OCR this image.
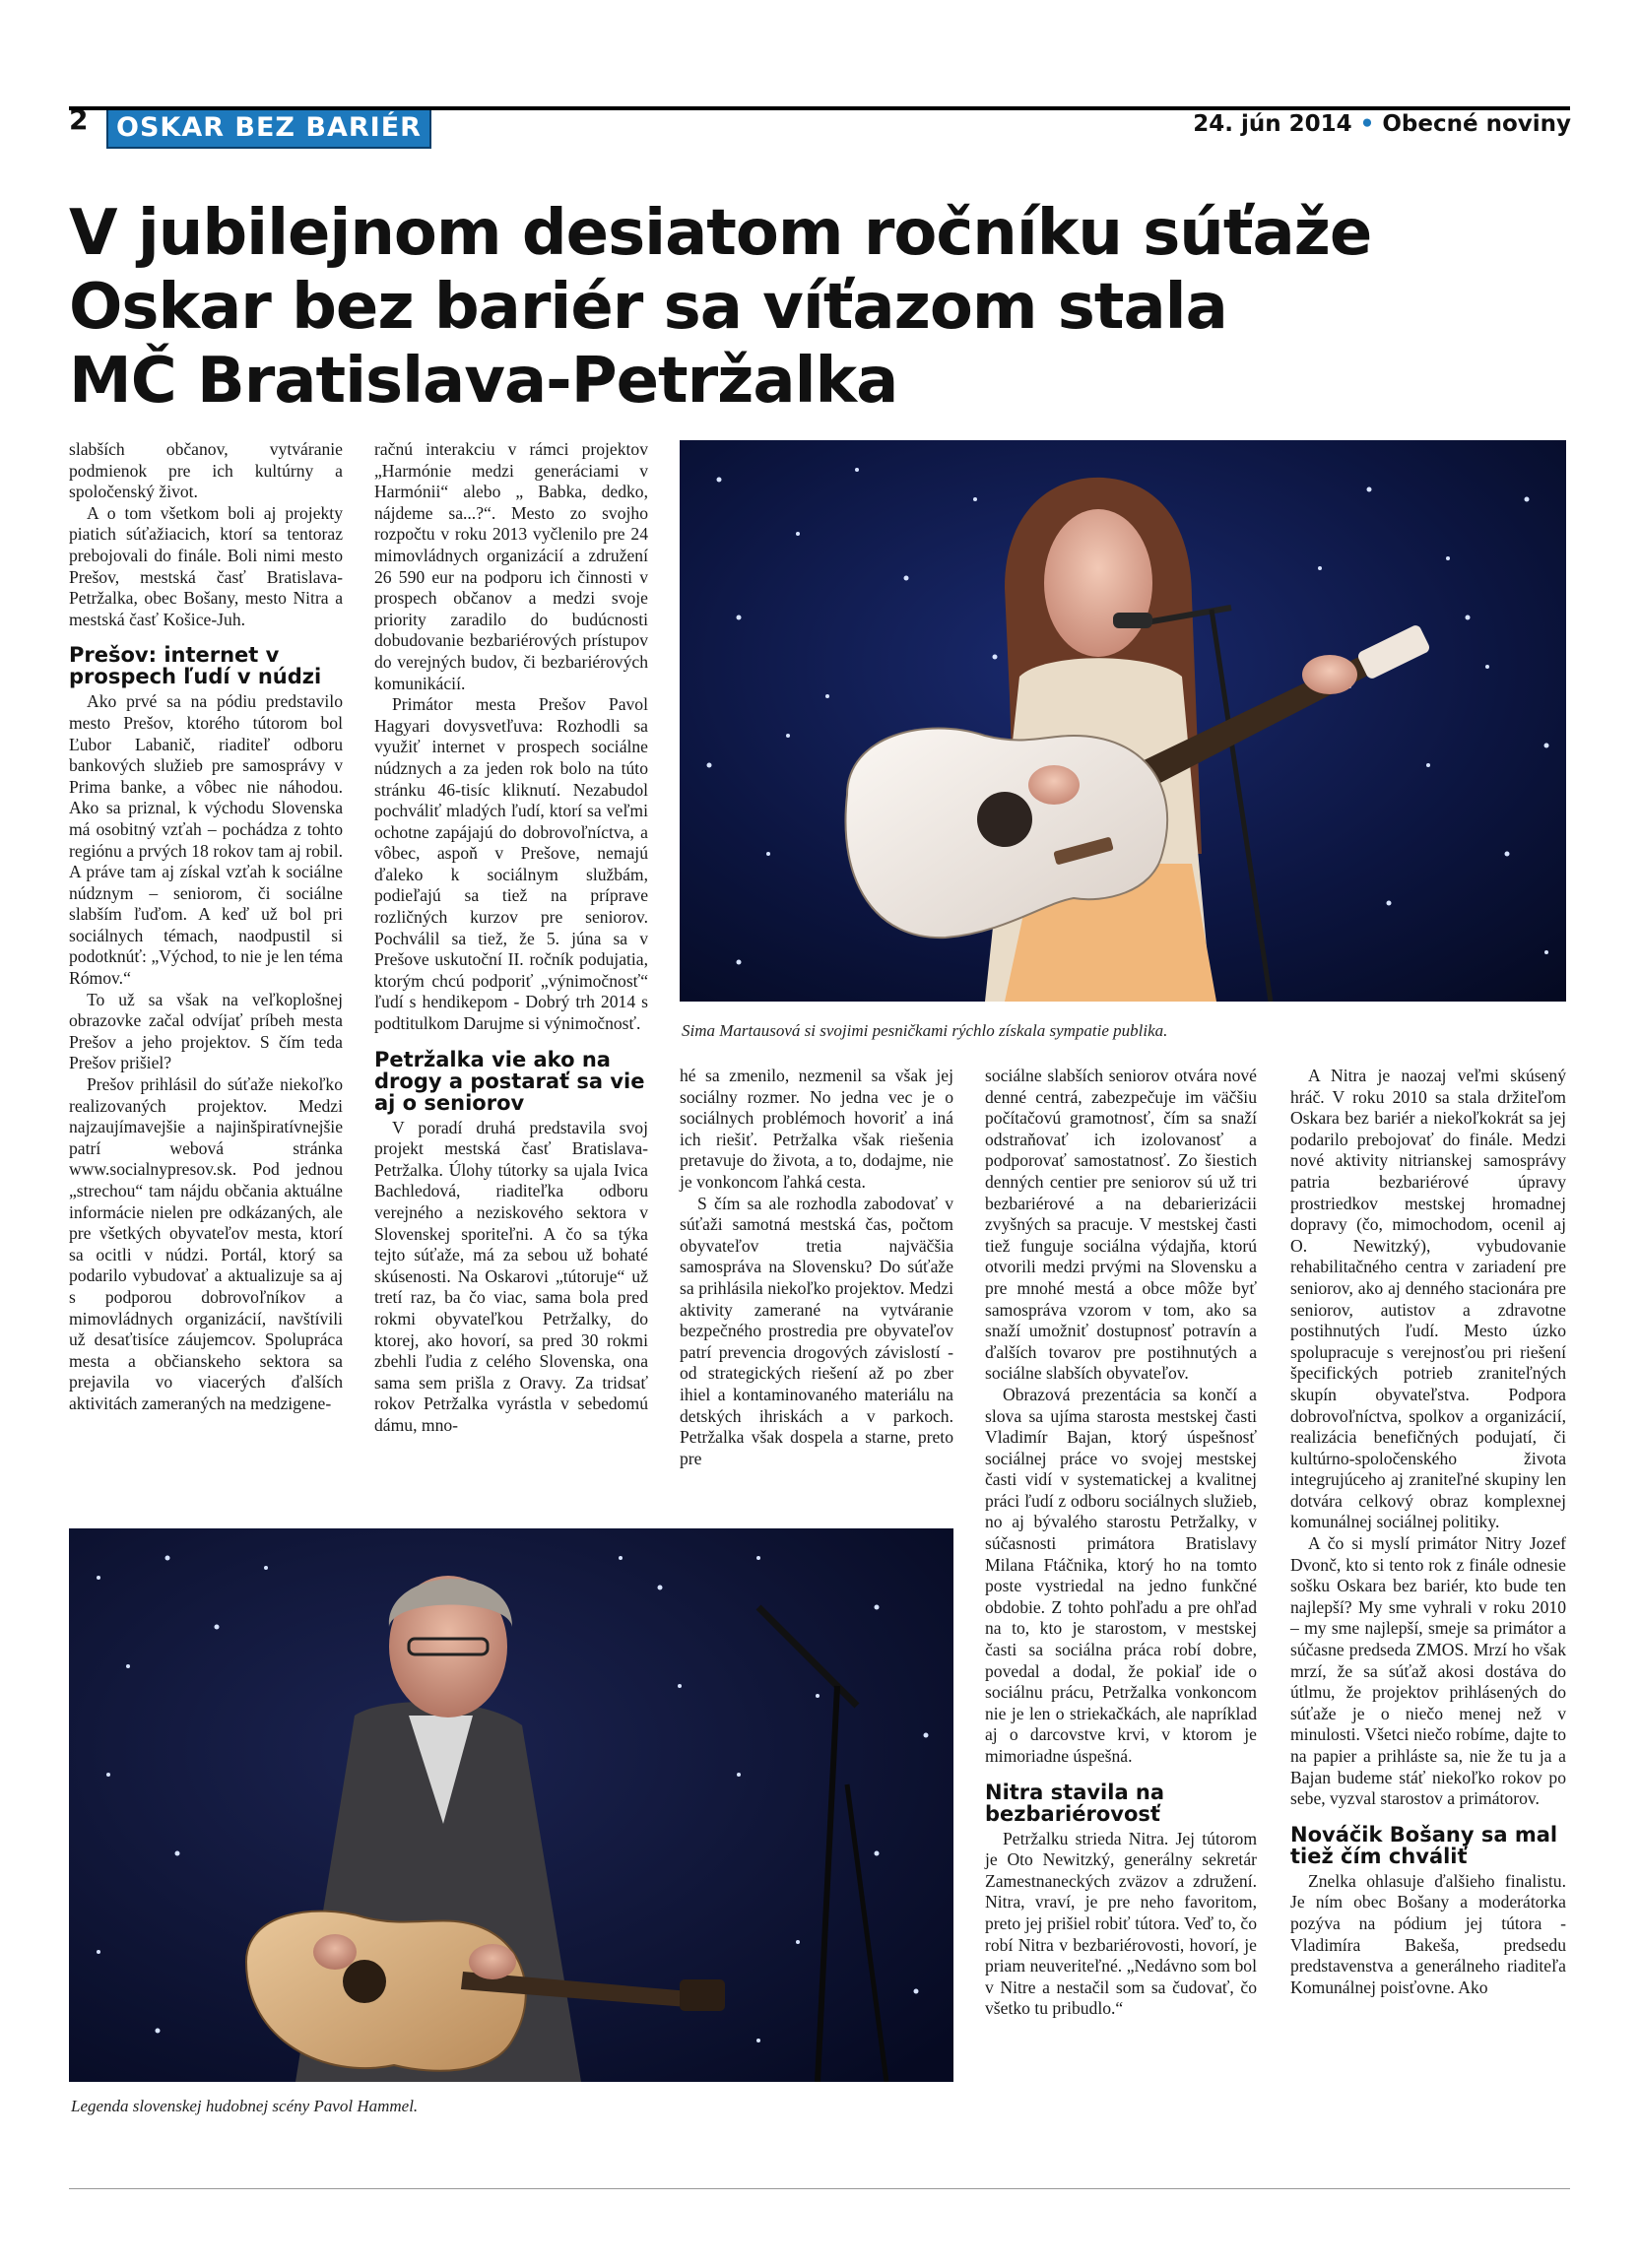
2	OSKAR BEZ BARIÉR	24. jún 2014 • Obecné noviny
V jubilejnom desiatom ročníku súťaže
Oskar bez bariér sa víťazom stala
MČ Bratislava-Petržalka

slabších občanov, vytváranie podmienok pre ich kultúrny a spoločenský život.

A o tom všetkom boli aj projekty piatich súťažiacich, ktorí sa tentoraz prebojovali do finále. Boli nimi mesto Prešov, mestská časť Bratislava-Petržalka, obec Bošany, mesto Nitra a mestská časť Košice-Juh.

Prešov: internet v prospech ľudí v núdzi

Ako prvé sa na pódiu predstavilo mesto Prešov, ktorého tútorom bol Ľubor Labanič, riaditeľ odboru bankových služieb pre samosprávy v Prima banke, a vôbec nie náhodou. Ako sa priznal, k východu Slovenska má osobitný vzťah – pochádza z tohto regiónu a prvých 18 rokov tam aj robil. A práve tam aj získal vzťah k sociálne núdznym – seniorom, či sociálne slabším ľuďom. A keď už bol pri sociálnych témach, naodpustil si podotknúť: „Východ, to nie je len téma Rómov.“

To už sa však na veľkoplošnej obrazovke začal odvíjať príbeh mesta Prešov a jeho projektov. S čím teda Prešov prišiel?

Prešov prihlásil do súťaže niekoľko realizovaných projektov. Medzi najzaujímavejšie a najinšpiratívnejšie patrí webová stránka www.socialnypresov.sk. Pod jednou „strechou“ tam nájdu občania aktuálne informácie nielen pre odkázaných, ale pre všetkých obyvateľov mesta, ktorí sa ocitli v núdzi. Portál, ktorý sa podarilo vybudovať a aktualizuje sa aj s podporou dobrovoľníkov a mimovládnych organizácií, navštívili už desaťtisíce záujemcov. Spolupráca mesta a občianskeho sektora sa prejavila vo viacerých ďalších aktivitách zameraných na medzigene-

račnú interakciu v rámci projektov „Harmónie medzi generáciami v Harmónii“ alebo „ Babka, dedko, nájdeme sa...?“. Mesto zo svojho rozpočtu v roku 2013 vyčlenilo pre 24 mimovládnych organizácií a združení 26 590 eur na podporu ich činnosti v prospech občanov a medzi svoje priority zaradilo do budúcnosti dobudovanie bezbariérových prístupov do verejných budov, či bezbariérových komunikácií.

Primátor mesta Prešov Pavol Hagyari dovysvetľuva: Rozhodli sa využiť internet v prospech sociálne núdznych a za jeden rok bolo na túto stránku 46-tisíc kliknutí. Nezabudol pochváliť mladých ľudí, ktorí sa veľmi ochotne zapájajú do dobrovoľníctva, a vôbec, aspoň v Prešove, nemajú ďaleko k sociálnym službám, podieľajú sa tiež na príprave rozličných kurzov pre seniorov. Pochválil sa tiež, že 5. júna sa v Prešove uskutoční II. ročník podujatia, ktorým chcú podporiť „výnimočnosť“ ľudí s hendikepom - Dobrý trh 2014 s podtitulkom Darujme si výnimočnosť.

Petržalka vie ako na drogy a postarať sa vie aj o seniorov

V poradí druhá predstavila svoj projekt mestská časť Bratislava-Petržalka. Úlohy tútorky sa ujala Ivica Bachledová, riaditeľka odboru verejného a neziskového sektora v Slovenskej sporiteľni. A čo sa týka tejto súťaže, má za sebou už bohaté skúsenosti. Na Oskarovi „tútoruje“ už tretí raz, ba čo viac, sama bola pred rokmi obyvateľkou Petržalky, do ktorej, ako hovorí, sa pred 30 rokmi zbehli ľudia z celého Slovenska, ona sama sem prišla z Oravy. Za tridsať rokov Petržalka vyrástla v sebedomú dámu, mno-

Sima Martausová si svojimi pesničkami rýchlo získala sympatie publika.

hé sa zmenilo, nezmenil sa však jej sociálny rozmer. No jedna vec je o sociálnych problémoch hovoriť a iná ich riešiť. Petržalka však riešenia pretavuje do života, a to, dodajme, nie je vonkoncom ľahká cesta.

S čím sa ale rozhodla zabodovať v súťaži samotná mestská čas, počtom obyvateľov tretia najväčšia samospráva na Slovensku? Do súťaže sa prihlásila niekoľko projektov. Medzi aktivity zamerané na vytváranie bezpečného prostredia pre obyvateľov patrí prevencia drogových závislostí - od strategických riešení až po zber ihiel a kontaminovaného materiálu na detských ihriskách a v parkoch. Petržalka však dospela a starne, preto pre

sociálne slabších seniorov otvára nové denné centrá, zabezpečuje im väčšiu počítačovú gramotnosť, čím sa snaží odstraňovať ich izolovanosť a podporovať samostatnosť. Zo šiestich denných centier pre seniorov sú už tri bezbariérové a na debarierizácii zvyšných sa pracuje. V mestskej časti tiež funguje sociálna výdajňa, ktorú otvorili medzi prvými na Slovensku a pre mnohé mestá a obce môže byť samospráva vzorom v tom, ako sa snaží umožniť dostupnosť potravín a ďalších tovarov pre postihnutých a sociálne slabších obyvateľov.

Obrazová prezentácia sa končí a slova sa ujíma starosta mestskej časti Vladimír Bajan, ktorý úspešnosť sociálnej práce vo svojej mestskej časti vidí v systematickej a kvalitnej práci ľudí z odboru sociálnych služieb, no aj bývalého starostu Petržalky, v súčasnosti primátora Bratislavy Milana Ftáčnika, ktorý ho na tomto poste vystriedal na jedno funkčné obdobie. Z tohto pohľadu a pre ohľad na to, kto je starostom, v mestskej časti sa sociálna práca robí dobre, povedal a dodal, že pokiaľ ide o sociálnu prácu, Petržalka vonkoncom nie je len o striekačkách, ale napríklad aj o darcovstve krvi, v ktorom je mimoriadne úspešná.

Nitra stavila na bezbariérovosť

Petržalku strieda Nitra. Jej tútorom je Oto Newitzký, generálny sekretár Zamestnaneckých zväzov a združení. Nitra, vraví, je pre neho favoritom, preto jej prišiel robiť tútora. Veď to, čo robí Nitra v bezbariérovosti, hovorí, je priam neuveriteľné. „Nedávno som bol v Nitre a nestačil som sa čudovať, čo všetko tu pribudlo.“

A Nitra je naozaj veľmi skúsený hráč. V roku 2010 sa stala držiteľom Oskara bez bariér a niekoľkokrát sa jej podarilo prebojovať do finále. Medzi nové aktivity nitrianskej samosprávy patria bezbariérové úpravy prostriedkov mestskej hromadnej dopravy (čo, mimochodom, ocenil aj O. Newitzký), vybudovanie rehabilitačného centra v zariadení pre seniorov, ako aj denného stacionára pre seniorov, autistov a zdravotne postihnutých ľudí. Mesto úzko spolupracuje s verejnosťou pri riešení špecifických potrieb zraniteľných skupín obyvateľstva. Podpora dobrovoľníctva, spolkov a organizácií, realizácia benefičných podujatí, či kultúrno-spoločenského života integrujúceho aj zraniteľné skupiny len dotvára celkový obraz komplexnej komunálnej sociálnej politiky.

A čo si myslí primátor Nitry Jozef Dvonč, kto si tento rok z finále odnesie sošku Oskara bez bariér, kto bude ten najlepší? My sme vyhrali v roku 2010 – my sme najlepší, smeje sa primátor a súčasne predseda ZMOS. Mrzí ho však mrzí, že sa súťaž akosi dostáva do útlmu, že projektov prihlásených do súťaže je o niečo menej než v minulosti. Všetci niečo robíme, dajte to na papier a prihláste sa, nie že tu ja a Bajan budeme stáť niekoľko rokov po sebe, vyzval starostov a primátorov.

Nováčik Bošany sa mal tiež čím chváliť

Znelka ohlasuje ďalšieho finalistu. Je ním obec Bošany a moderátorka pozýva na pódium jej tútora - Vladimíra Bakeša, predsedu predstavenstva a generálneho riaditeľa Komunálnej poisťovne. Ako

Legenda slovenskej hudobnej scény Pavol Hammel.
